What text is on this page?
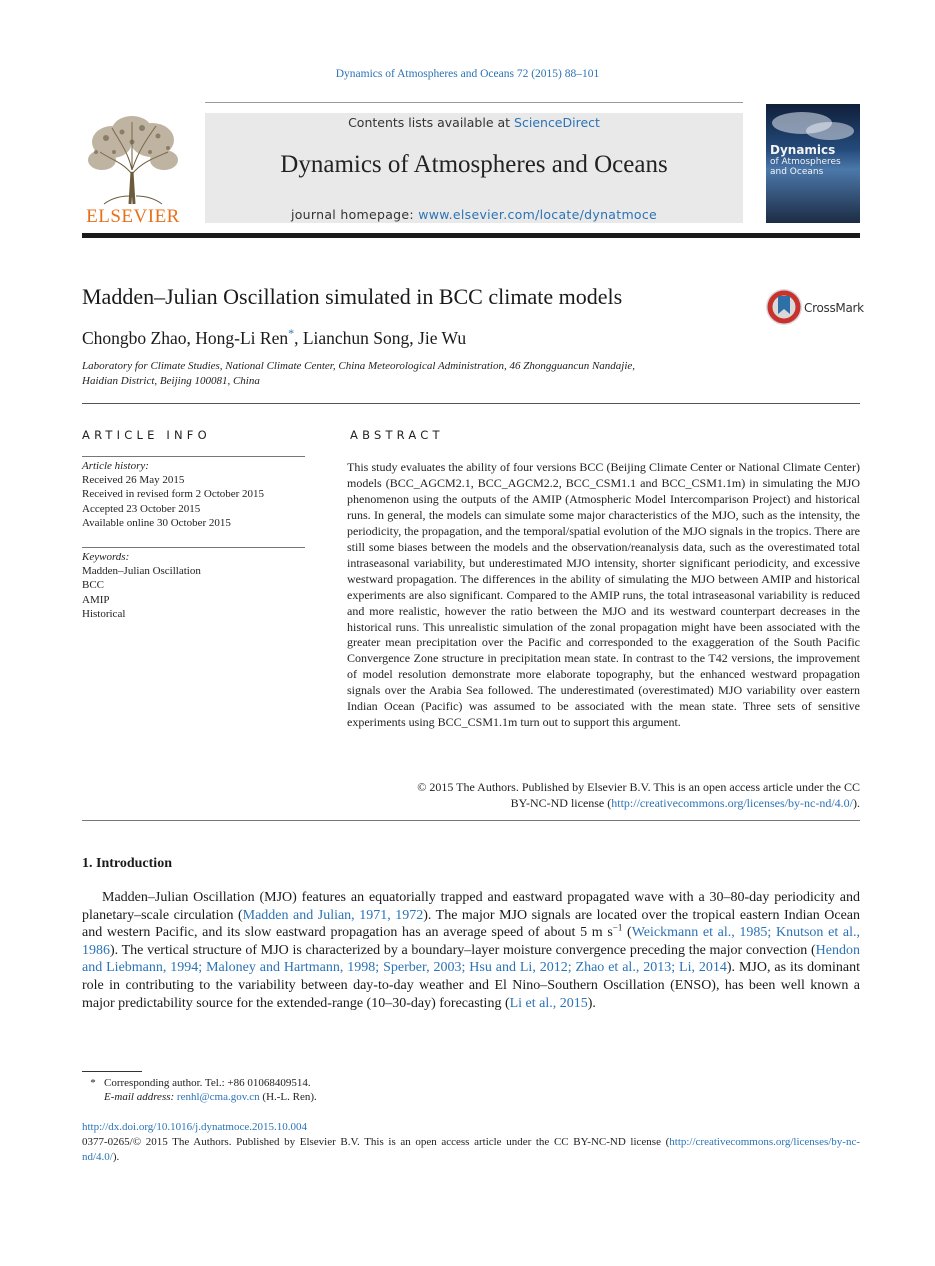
Dynamics of Atmospheres and Oceans 72 (2015) 88–101
ELSEVIER
Contents lists available at ScienceDirect
Dynamics of Atmospheres and Oceans
journal homepage: www.elsevier.com/locate/dynatmoce
Dynamics
of Atmospheres
and Oceans
Madden–Julian Oscillation simulated in BCC climate models	CrossMark
Chongbo Zhao, Hong-Li Ren*, Lianchun Song, Jie Wu
Laboratory for Climate Studies, National Climate Center, China Meteorological Administration, 46 Zhongguancun Nandajie,
Haidian District, Beijing 100081, China
ARTICLE INFO	ABSTRACT
Article history:
Received 26 May 2015
Received in revised form 2 October 2015
Accepted 23 October 2015
Available online 30 October 2015
Keywords:
Madden–Julian Oscillation
BCC
AMIP
Historical
This study evaluates the ability of four versions BCC (Beijing Climate Center or National Climate Center) models (BCC_AGCM2.1, BCC_AGCM2.2, BCC_CSM1.1 and BCC_CSM1.1m) in simulating the MJO phenomenon using the outputs of the AMIP (Atmospheric Model Intercomparison Project) and historical runs. In general, the models can simulate some major characteristics of the MJO, such as the intensity, the periodicity, the propagation, and the temporal/spatial evolution of the MJO signals in the tropics. There are still some biases between the models and the observation/reanalysis data, such as the overestimated total intraseasonal variability, but underestimated MJO intensity, shorter significant periodicity, and excessive westward propagation. The differences in the ability of simulating the MJO between AMIP and historical experiments are also significant. Compared to the AMIP runs, the total intraseasonal variability is reduced and more realistic, however the ratio between the MJO and its westward counterpart decreases in the historical runs. This unrealistic simulation of the zonal propagation might have been associated with the greater mean precipitation over the Pacific and corresponded to the exaggeration of the South Pacific Convergence Zone structure in precipitation mean state. In contrast to the T42 versions, the improvement of model resolution demonstrate more elaborate topography, but the enhanced westward propagation signals over the Arabia Sea followed. The underestimated (overestimated) MJO variability over eastern Indian Ocean (Pacific) was assumed to be associated with the mean state. Three sets of sensitive experiments using BCC_CSM1.1m turn out to support this argument.
© 2015 The Authors. Published by Elsevier B.V. This is an open access article under the CC
BY-NC-ND license (http://creativecommons.org/licenses/by-nc-nd/4.0/).
1. Introduction
Madden–Julian Oscillation (MJO) features an equatorially trapped and eastward propagated wave with a 30–80-day periodicity and planetary–scale circulation (Madden and Julian, 1971, 1972). The major MJO signals are located over the tropical eastern Indian Ocean and western Pacific, and its slow eastward propagation has an average speed of about 5 m $s^{-1}$ (Weickmann et al., 1985; Knutson et al., 1986). The vertical structure of MJO is characterized by a boundary–layer moisture convergence preceding the major convection (Hendon and Liebmann, 1994; Maloney and Hartmann, 1998; Sperber, 2003; Hsu and Li, 2012; Zhao et al., 2013; Li, 2014). MJO, as its dominant role in contributing to the variability between day-to-day weather and El Nino–Southern Oscillation (ENSO), has been well known a major predictability source for the extended-range (10–30-day) forecasting (Li et al., 2015).
* Corresponding author. Tel.: +86 01068409514.
E-mail address: renhl@cma.gov.cn (H.-L. Ren).
http://dx.doi.org/10.1016/j.dynatmoce.2015.10.004
0377-0265/© 2015 The Authors. Published by Elsevier B.V. This is an open access article under the CC BY-NC-ND license (http://creativecommons.org/licenses/by-nc-nd/4.0/).
